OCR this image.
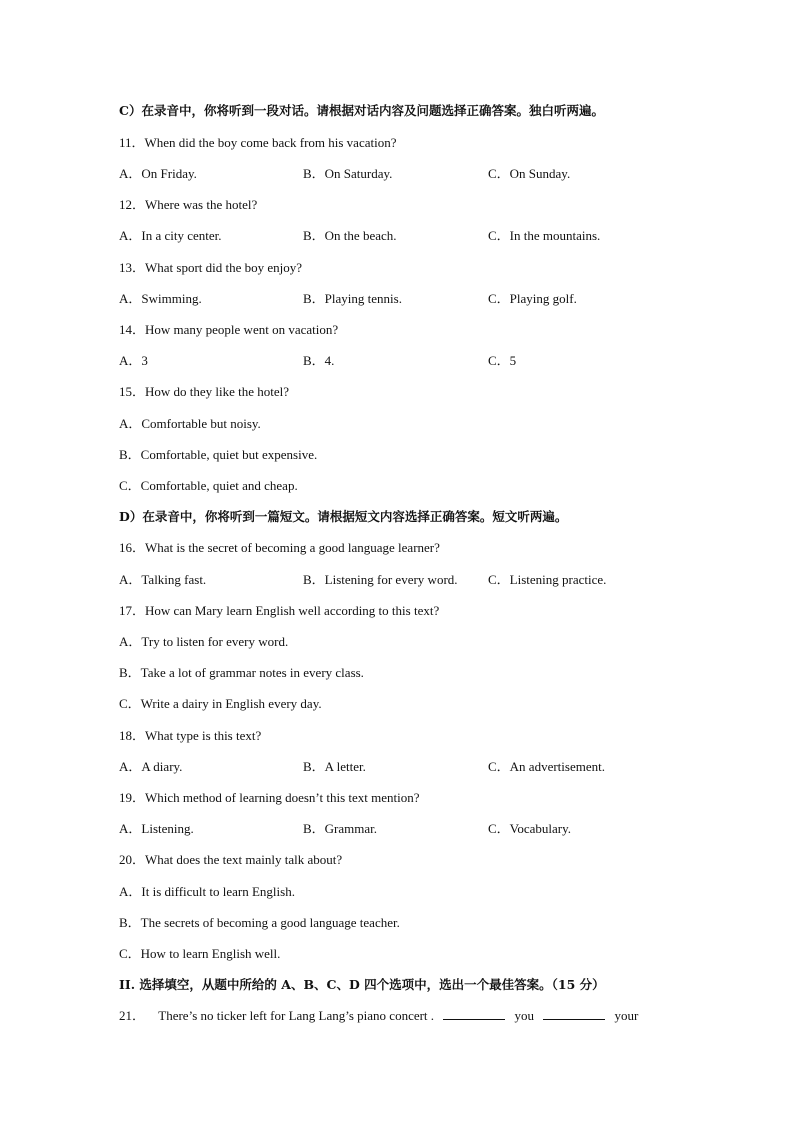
C）在录音中，你将听到一段对话。请根据对话内容及问题选择正确答案。独白听两遍。
11．When did the boy come back from his vacation?
A．On Friday.	B．On Saturday.	C．On Sunday.
12．Where was the hotel?
A．In a city center.	B．On the beach.	C．In the mountains.
13．What sport did the boy enjoy?
A．Swimming.	B．Playing tennis.	C．Playing golf.
14．How many people went on vacation?
A．3	B．4.	C．5
15．How do they like the hotel?
A．Comfortable but noisy.
B．Comfortable, quiet but expensive.
C．Comfortable, quiet and cheap.
D）在录音中，你将听到一篇短文。请根据短文内容选择正确答案。短文听两遍。
16．What is the secret of becoming a good language learner?
A．Talking fast.	B．Listening for every word. C．Listening practice.
17．How can Mary learn English well according to this text?
A．Try to listen for every word.
B．Take a lot of grammar notes in every class.
C．Write a dairy in English every day.
18．What type is this text?
A．A diary.	B．A letter.	C．An advertisement.
19．Which method of learning doesn’t this text mention?
A．Listening.	B．Grammar.	C．Vocabulary.
20．What does the text mainly talk about?
A．It is difficult to learn English.
B．The secrets of becoming a good language teacher.
C．How to learn English well.
II. 选择填空，从题中所给的 A、B、C、D 四个选项中，选出一个最佳答案。（15 分）
21． There’s no ticker left for Lang Lang’s piano concert .	you	your
